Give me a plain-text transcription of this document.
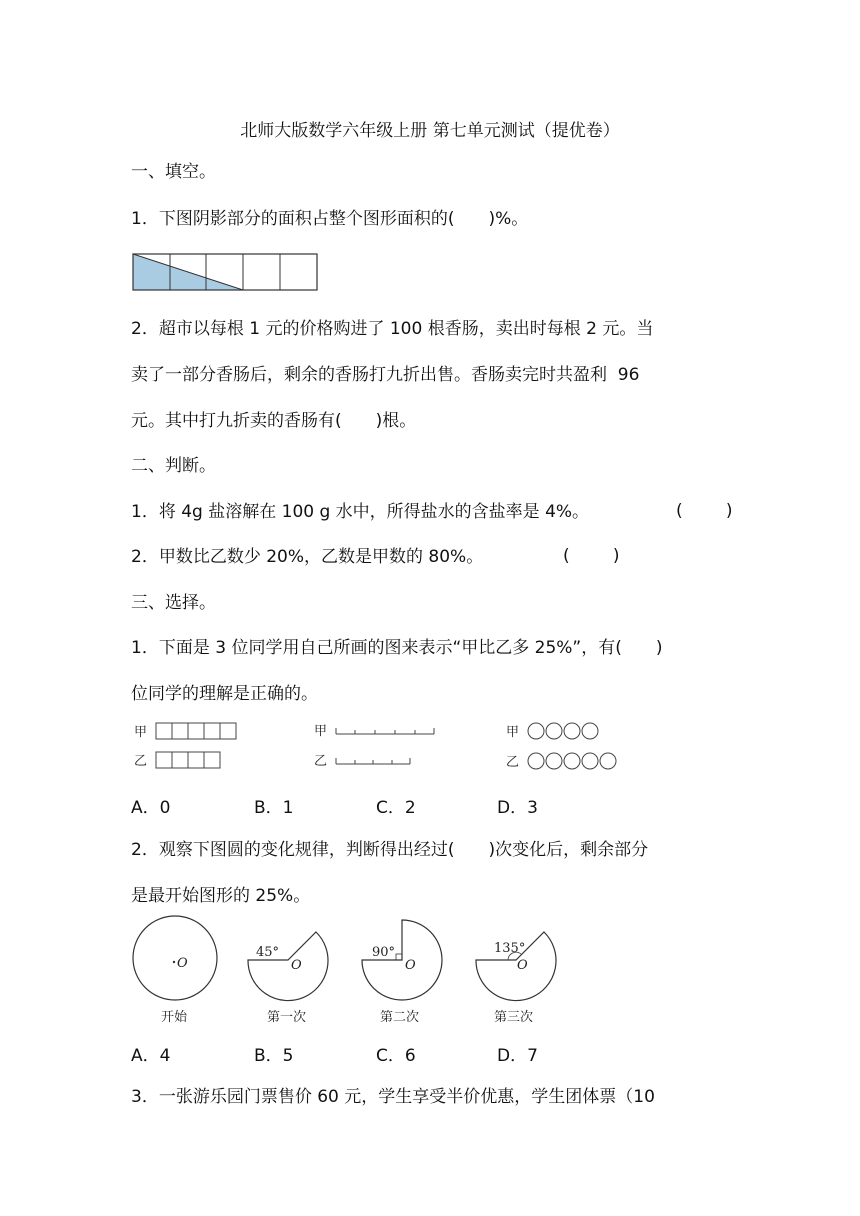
北师大版数学六年级上册 第七单元测试（提优卷）
一、填空。
1．下图阴影部分的面积占整个图形面积的( )%。
2．超市以每根 1 元的价格购进了 100 根香肠，卖出时每根 2 元。当
卖了一部分香肠后，剩余的香肠打九折出售。香肠卖完时共盈利  96
元。其中打九折卖的香肠有( )根。
二、判断。
1．将 4g 盐溶解在 100 g 水中，所得盐水的含盐率是 4%。	(        )
2．甲数比乙数少 20%，乙数是甲数的 80%。	(        )
三、选择。
1．下面是 3 位同学用自己所画的图来表示“甲比乙多 25%”，有( )
位同学的理解是正确的。
甲
乙
甲
乙
甲
乙
A．0	B．1	C．2	D．3
2．观察下图圆的变化规律，判断得出经过( )次变化后，剩余部分
是最开始图形的 25%。
O
开始
45°
O
第一次
90°
O
第二次
135°
O
第三次
A．4	B．5	C．6	D．7
3．一张游乐园门票售价 60 元，学生享受半价优惠，学生团体票（10
